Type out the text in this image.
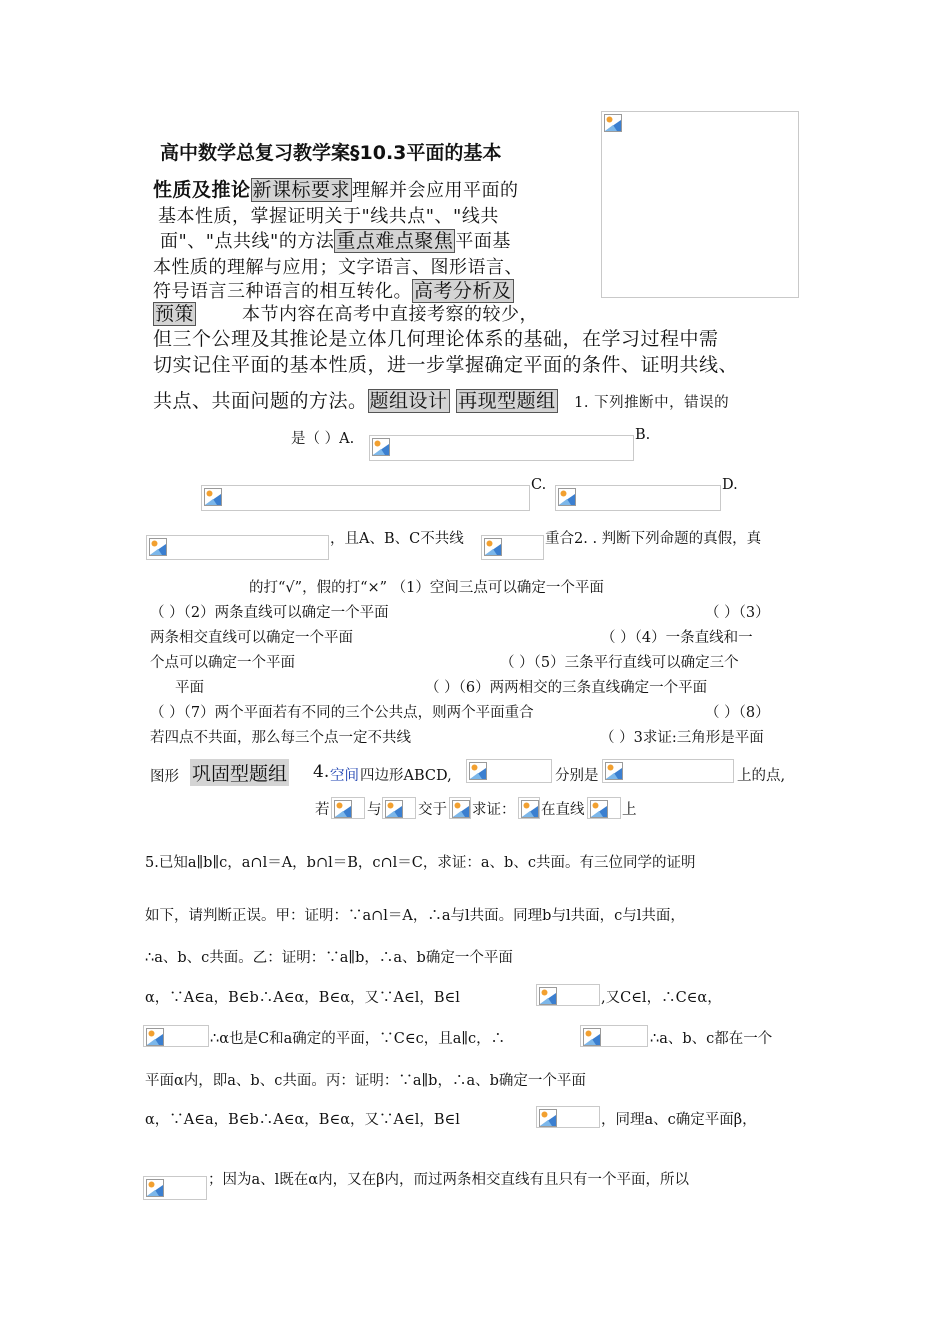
高中数学总复习教学案§10.3平面的基本
性质及推论 新课标要求 理解并会应用平面的
基本性质，掌握证明关于"线共点"、"线共
面"、"点共线"的方法 重点难点聚焦 平面基
本性质的理解与应用；文字语言、图形语言、
符号语言三种语言的相互转化。 高考分析及
预策	本节内容在高考中直接考察的较少，
但三个公理及其推论是立体几何理论体系的基础，在学习过程中需
切实记住平面的基本性质，进一步掌握确定平面的条件、证明共线、
共点、共面问题的方法。 题组设计 再现型题组 1. 下列推断中，错误的
是（ ）A.	B.
C.	D.
，且A、B、C不共线	重合2. . 判断下列命题的真假，真
的打“√”，假的打“×” （1）空间三点可以确定一个平面
（ ）（2）两条直线可以确定一个平面	（ ）（3）
两条相交直线可以确定一个平面	（ ）（4）一条直线和一
个点可以确定一个平面	（ ）（5）三条平行直线可以确定三个
平面	（ ）（6）两两相交的三条直线确定一个平面
（ ）（7）两个平面若有不同的三个公共点，则两个平面重合	（ ）（8）
若四点不共面，那么每三个点一定不共线	（ ）3求证:三角形是平面
图形 巩固型题组 4. 空间 四边形ABCD,	分别是	上的点,
若	与	交于 求证： 在直线	上
5.已知a∥b∥c，a∩l＝A，b∩l＝B，c∩l＝C，求证：a、b、c共面。有三位同学的证明
如下，请判断正误。甲：证明：∵a∩l＝A，∴a与l共面。同理b与l共面，c与l共面，
∴a、b、c共面。乙：证明：∵a∥b，∴a、b确定一个平面
α，∵A∈a，B∈b∴A∈α，B∈α，又∵A∈l，B∈l	,又C∈l，∴C∈α，
∴α也是C和a确定的平面，∵C∈c，且a∥c，∴	∴a、b、c都在一个
平面α内，即a、b、c共面。丙：证明：∵a∥b，∴a、b确定一个平面
α，∵A∈a，B∈b∴A∈α，B∈α，又∵A∈l，B∈l	，同理a、c确定平面β，
；因为a、l既在α内，又在β内，而过两条相交直线有且只有一个平面，所以
